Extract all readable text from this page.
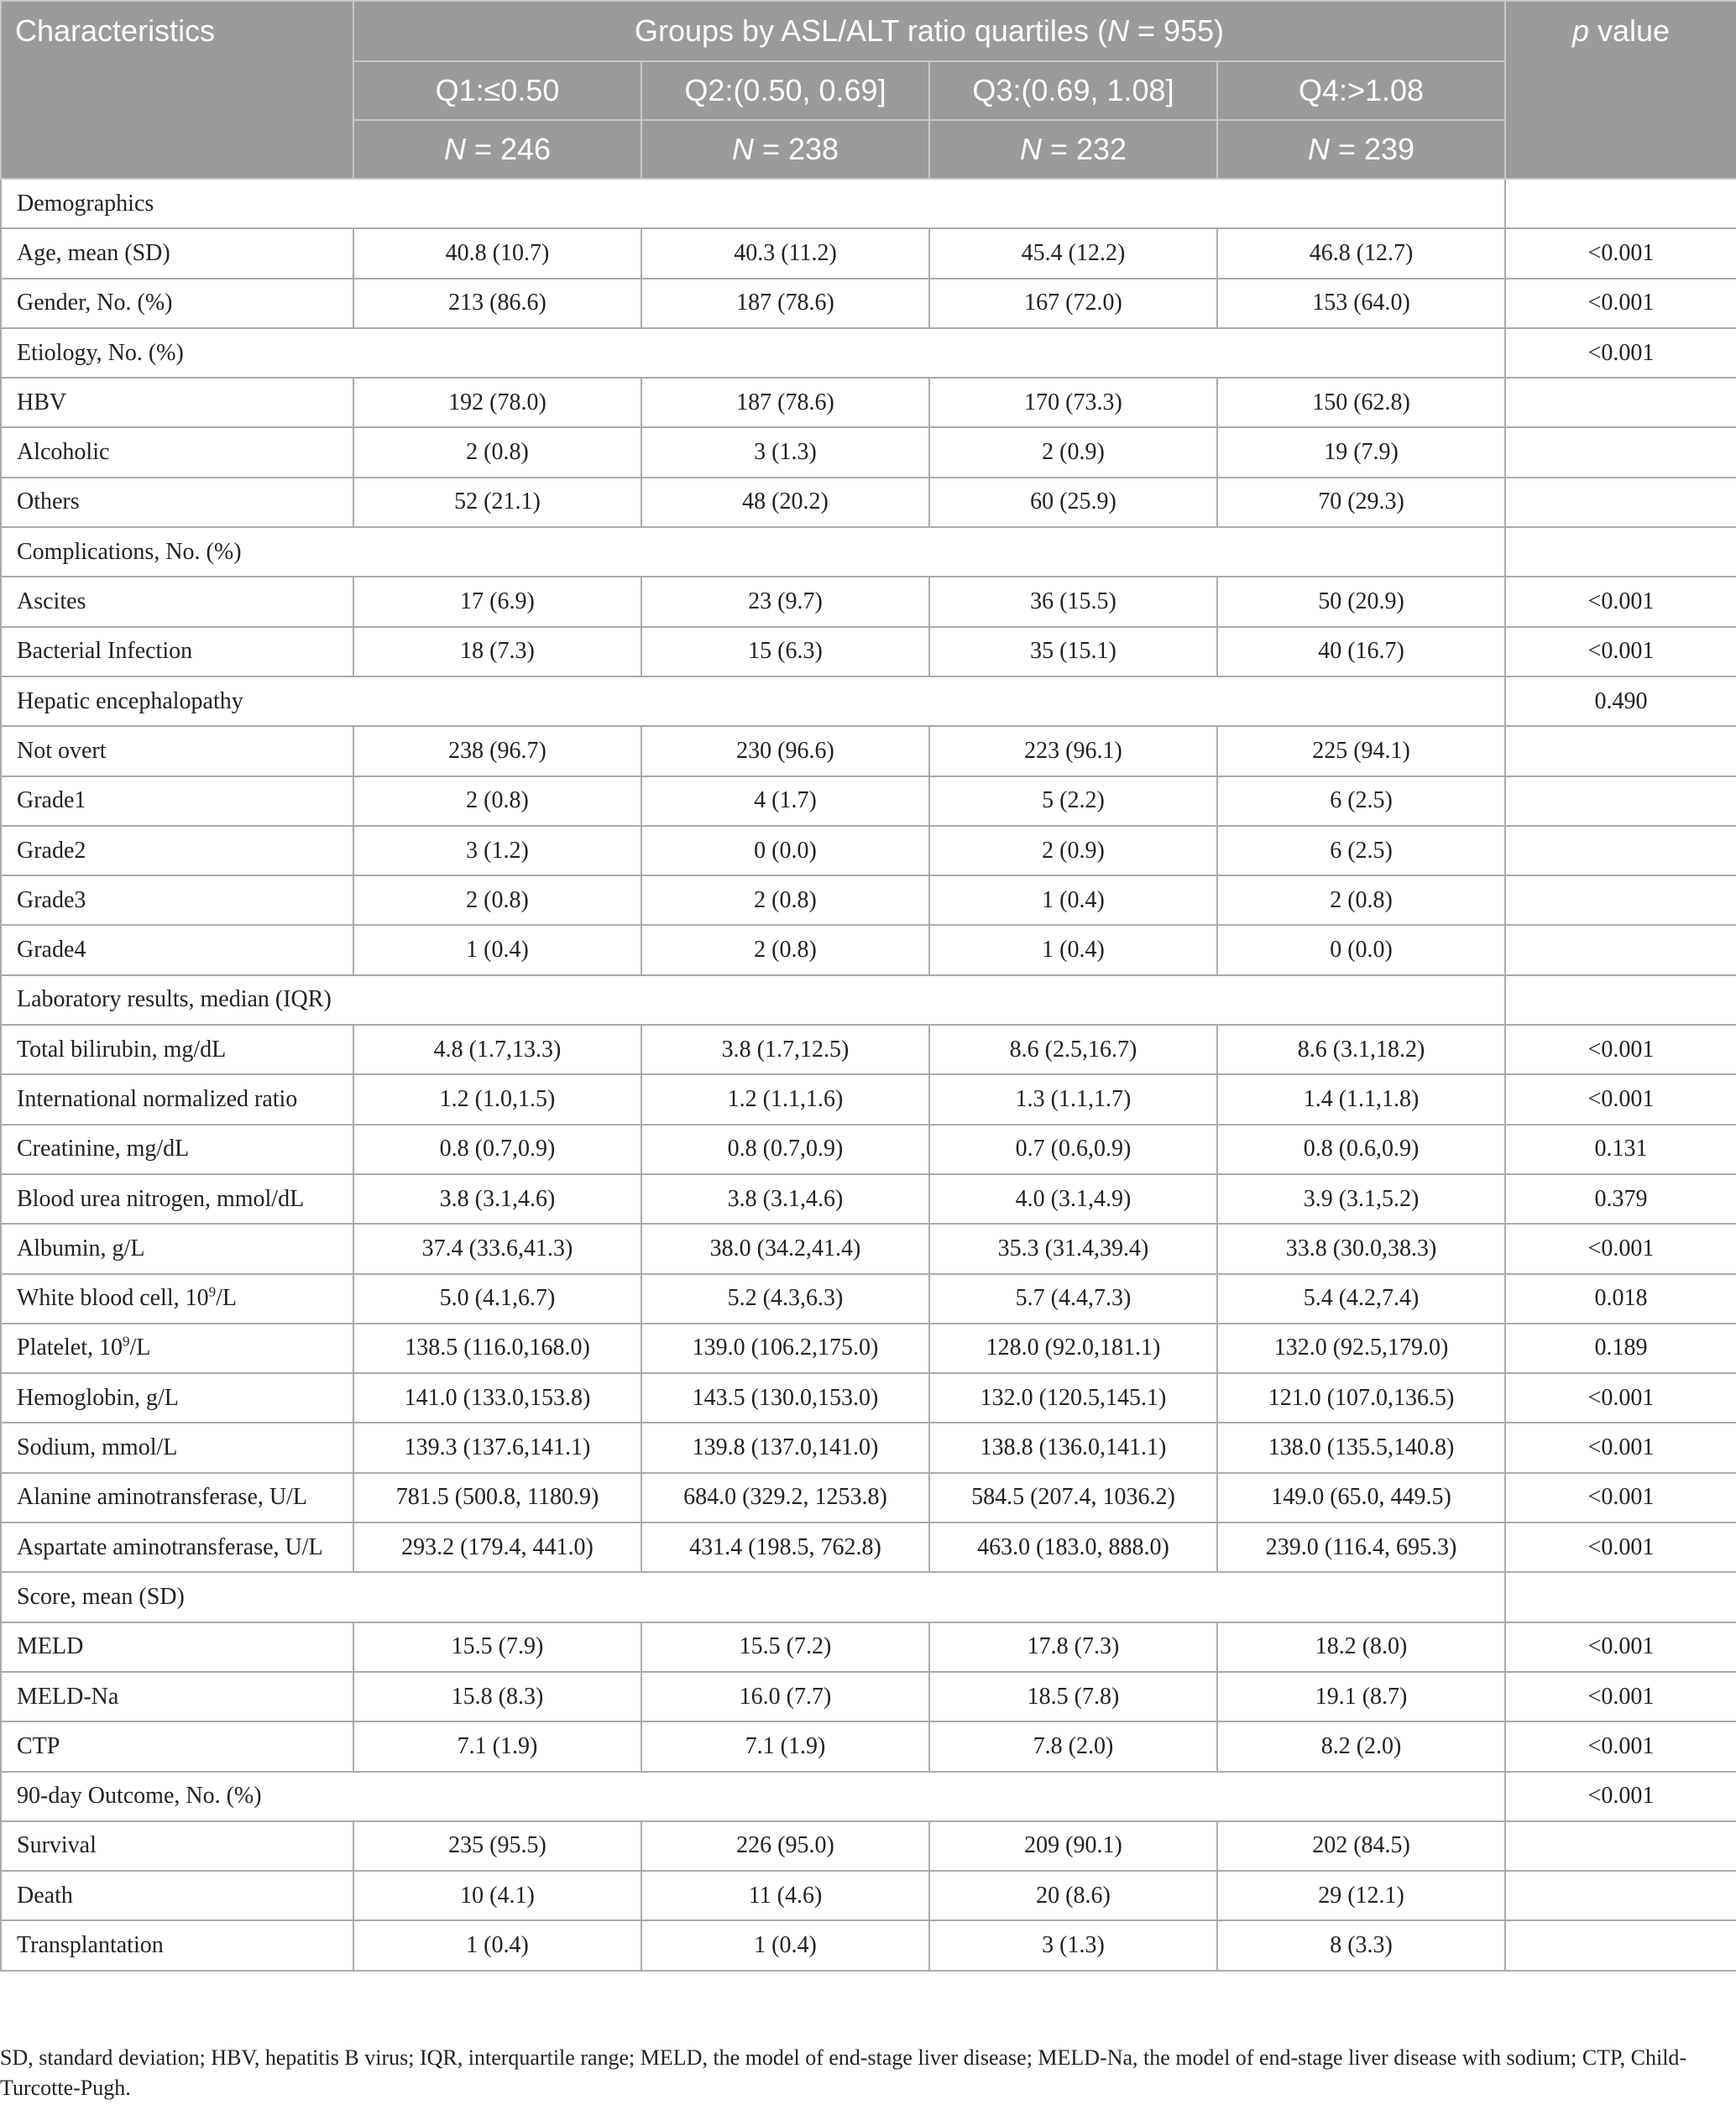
Characteristics	Groups by ASL/ALT ratio quartiles (N = 955)				p value
	Q1:≤0.50	Q2:(0.50, 0.69]	Q3:(0.69, 1.08]	Q4:>1.08	
	N = 246	N = 238	N = 232	N = 239	
Demographics					
Age, mean (SD)	40.8 (10.7)	40.3 (11.2)	45.4 (12.2)	46.8 (12.7)	<0.001
Gender, No. (%)	213 (86.6)	187 (78.6)	167 (72.0)	153 (64.0)	<0.001
Etiology, No. (%)					<0.001
HBV	192 (78.0)	187 (78.6)	170 (73.3)	150 (62.8)	
Alcoholic	2 (0.8)	3 (1.3)	2 (0.9)	19 (7.9)	
Others	52 (21.1)	48 (20.2)	60 (25.9)	70 (29.3)	
Complications, No. (%)					
Ascites	17 (6.9)	23 (9.7)	36 (15.5)	50 (20.9)	<0.001
Bacterial Infection	18 (7.3)	15 (6.3)	35 (15.1)	40 (16.7)	<0.001
Hepatic encephalopathy					0.490
Not overt	238 (96.7)	230 (96.6)	223 (96.1)	225 (94.1)	
Grade1	2 (0.8)	4 (1.7)	5 (2.2)	6 (2.5)	
Grade2	3 (1.2)	0 (0.0)	2 (0.9)	6 (2.5)	
Grade3	2 (0.8)	2 (0.8)	1 (0.4)	2 (0.8)	
Grade4	1 (0.4)	2 (0.8)	1 (0.4)	0 (0.0)	
Laboratory results, median (IQR)					
Total bilirubin, mg/dL	4.8 (1.7,13.3)	3.8 (1.7,12.5)	8.6 (2.5,16.7)	8.6 (3.1,18.2)	<0.001
International normalized ratio	1.2 (1.0,1.5)	1.2 (1.1,1.6)	1.3 (1.1,1.7)	1.4 (1.1,1.8)	<0.001
Creatinine, mg/dL	0.8 (0.7,0.9)	0.8 (0.7,0.9)	0.7 (0.6,0.9)	0.8 (0.6,0.9)	0.131
Blood urea nitrogen, mmol/dL	3.8 (3.1,4.6)	3.8 (3.1,4.6)	4.0 (3.1,4.9)	3.9 (3.1,5.2)	0.379
Albumin, g/L	37.4 (33.6,41.3)	38.0 (34.2,41.4)	35.3 (31.4,39.4)	33.8 (30.0,38.3)	<0.001
White blood cell, $10^9/L$	5.0 (4.1,6.7)	5.2 (4.3,6.3)	5.7 (4.4,7.3)	5.4 (4.2,7.4)	0.018
Platelet, $10^9/L$	138.5 (116.0,168.0)	139.0 (106.2,175.0)	128.0 (92.0,181.1)	132.0 (92.5,179.0)	0.189
Hemoglobin, g/L	141.0 (133.0,153.8)	143.5 (130.0,153.0)	132.0 (120.5,145.1)	121.0 (107.0,136.5)	<0.001
Sodium, mmol/L	139.3 (137.6,141.1)	139.8 (137.0,141.0)	138.8 (136.0,141.1)	138.0 (135.5,140.8)	<0.001
Alanine aminotransferase, U/L	781.5 (500.8, 1180.9)	684.0 (329.2, 1253.8)	584.5 (207.4, 1036.2)	149.0 (65.0, 449.5)	<0.001
Aspartate aminotransferase, U/L	293.2 (179.4, 441.0)	431.4 (198.5, 762.8)	463.0 (183.0, 888.0)	239.0 (116.4, 695.3)	<0.001
Score, mean (SD)					
MELD	15.5 (7.9)	15.5 (7.2)	17.8 (7.3)	18.2 (8.0)	<0.001
MELD-Na	15.8 (8.3)	16.0 (7.7)	18.5 (7.8)	19.1 (8.7)	<0.001
CTP	7.1 (1.9)	7.1 (1.9)	7.8 (2.0)	8.2 (2.0)	<0.001
90-day Outcome, No. (%)					<0.001
Survival	235 (95.5)	226 (95.0)	209 (90.1)	202 (84.5)	
Death	10 (4.1)	11 (4.6)	20 (8.6)	29 (12.1)	
Transplantation	1 (0.4)	1 (0.4)	3 (1.3)	8 (3.3)	
SD, standard deviation; HBV, hepatitis B virus; IQR, interquartile range; MELD, the model of end-stage liver disease; MELD-Na, the model of end-stage liver disease with sodium; CTP, Child-Turcotte-Pugh.
